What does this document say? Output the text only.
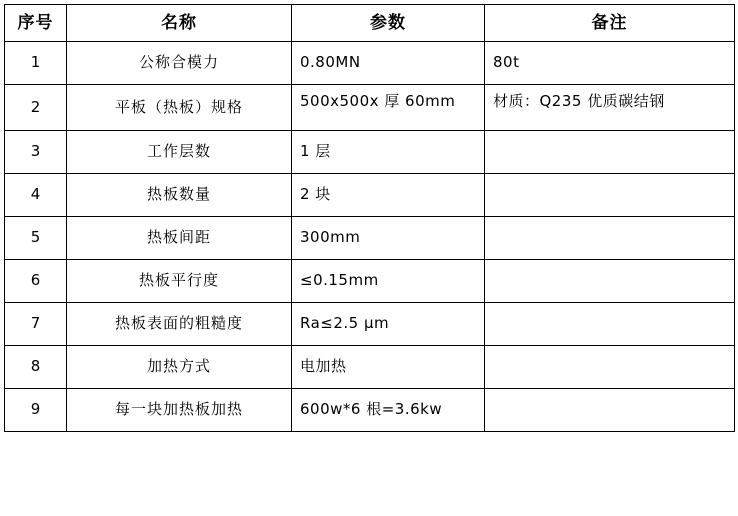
序号	名称	参数	备注
1	公称合模力	0.80MN	80t
2	平板（热板）规格	500x500x 厚 60mm	材质：Q235 优质碳结钢
3	工作层数	1 层	
4	热板数量	2 块	
5	热板间距	300mm	
6	热板平行度	≤0.15mm	
7	热板表面的粗糙度	Ra≤2.5 μm	
8	加热方式	电加热	
9	每一块加热板加热	600w*6 根=3.6kw	
